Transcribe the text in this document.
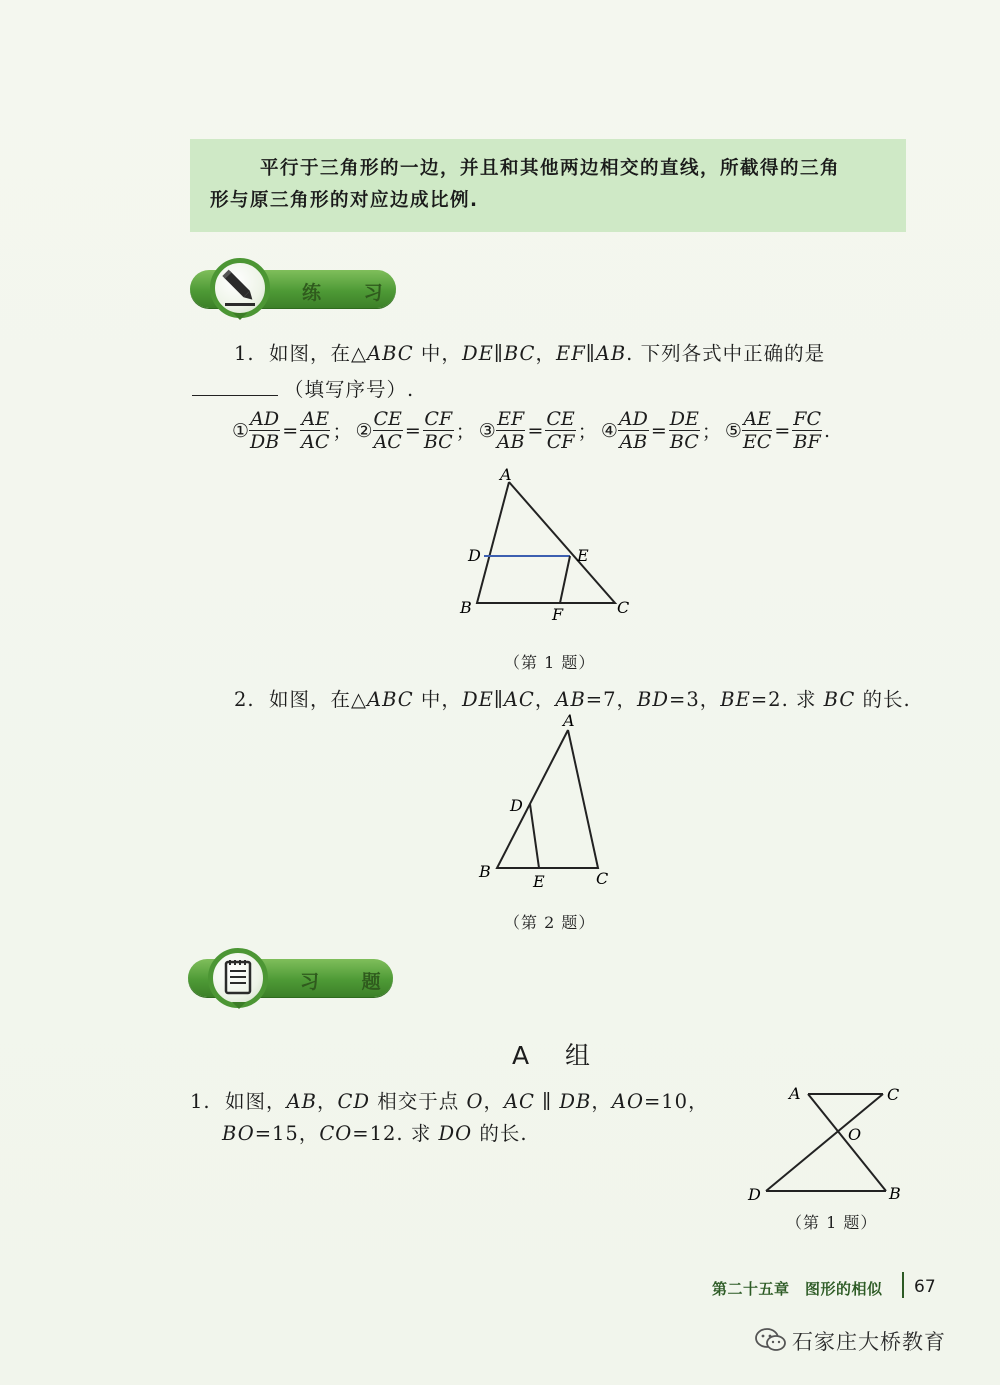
平行于三角形的一边，并且和其他两边相交的直线，所截得的三角
形与原三角形的对应边成比例.
练 习
1. 如图，在△ABC 中，DE∥BC，EF∥AB. 下列各式中正确的是
（填写序号）.
① $\frac{AD}{DB} = \frac{AE}{AC}$ ； ② $\frac{CE}{AC} = \frac{CF}{BC}$ ； ③ $\frac{EF}{AB} = \frac{CE}{CF}$ ； ④ $\frac{AD}{AB} = \frac{DE}{BC}$ ； ⑤ $\frac{AE}{EC} = \frac{FC}{BF}$ .
A
D	E
B	F	C
（第 1 题）
2. 如图，在△ABC 中，DE∥AC，AB=7，BD=3，BE=2. 求 BC 的长.
A
D
B
E	C
（第 2 题）
习 题
A 组
1. 如图，AB，CD 相交于点 O，AC ∥ DB，AO=10，
BO=15，CO=12. 求 DO 的长.
A	C
O
D	B
（第 1 题）
第二十五章　图形的相似 67
石家庄大桥教育
